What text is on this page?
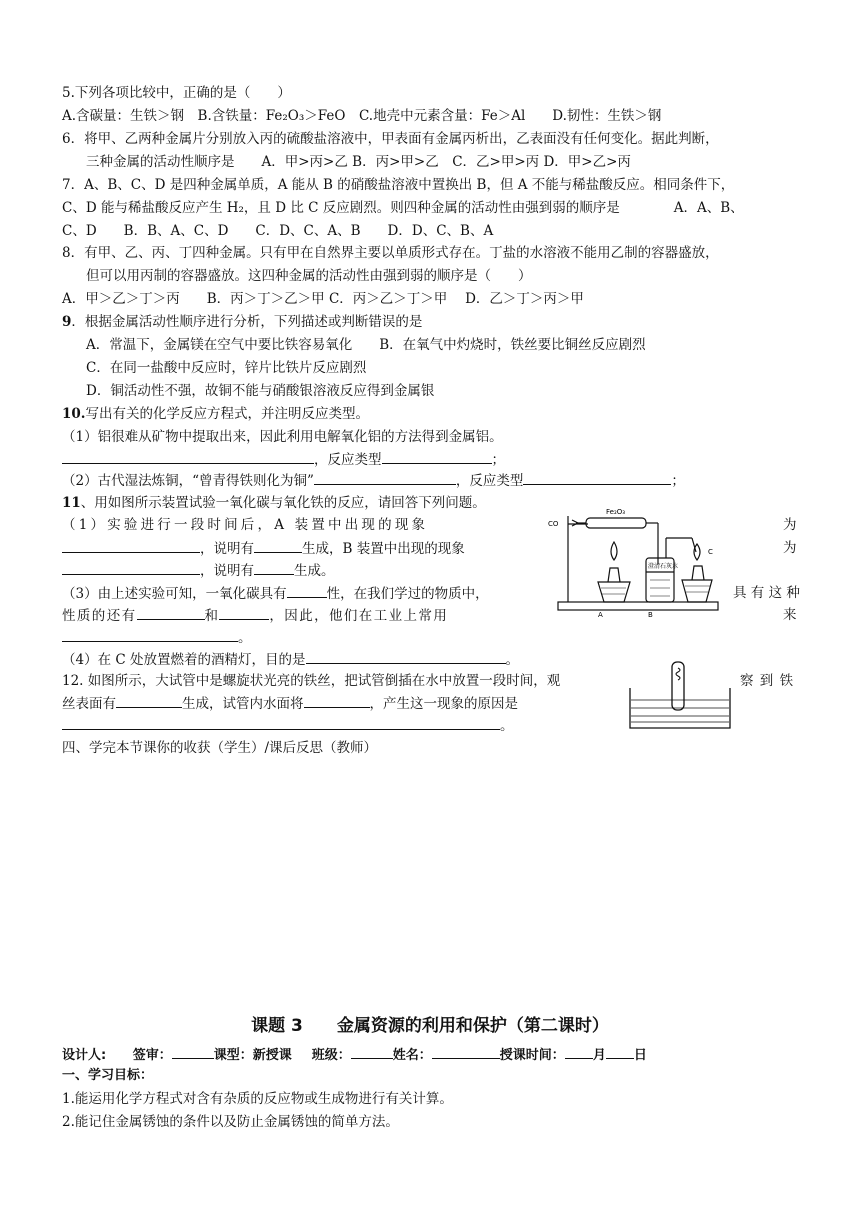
5.下列各项比较中，正确的是（　　）
A.含碳量：生铁＞钢　B.含铁量：Fe₂O₃＞FeO　C.地壳中元素含量：Fe＞Al　　D.韧性：生铁＞钢
6．将甲、乙两种金属片分别放入丙的硫酸盐溶液中，甲表面有金属丙析出，乙表面没有任何变化。据此判断，
三种金属的活动性顺序是　　A．甲>丙>乙 B．丙>甲>乙　C．乙>甲>丙 D．甲>乙>丙
7．A、B、C、D 是四种金属单质，A 能从 B 的硝酸盐溶液中置换出 B，但 A 不能与稀盐酸反应。相同条件下，
C、D 能与稀盐酸反应产生 H₂，且 D 比 C 反应剧烈。则四种金属的活动性由强到弱的顺序是　　　　A．A、B、
C、D　　B．B、A、C、D　　C．D、C、A、B　　D．D、C、B、A
8．有甲、乙、丙、丁四种金属。只有甲在自然界主要以单质形式存在。丁盐的水溶液不能用乙制的容器盛放，
但可以用丙制的容器盛放。这四种金属的活动性由强到弱的顺序是（　　）
A．甲＞乙＞丁＞丙　　B．丙＞丁＞乙＞甲 C．丙＞乙＞丁＞甲　 D．乙＞丁＞丙＞甲
9．根据金属活动性顺序进行分析，下列描述或判断错误的是
A．常温下，金属镁在空气中要比铁容易氧化　　B．在氧气中灼烧时，铁丝要比铜丝反应剧烈
C．在同一盐酸中反应时，锌片比铁片反应剧烈
D．铜活动性不强，故铜不能与硝酸银溶液反应得到金属银
10.写出有关的化学反应方程式，并注明反应类型。
（1）铝很难从矿物中提取出来，因此利用电解氧化铝的方法得到金属铝。
，反应类型	；
（2）古代湿法炼铜，“曾青得铁则化为铜”	，反应类型	；
11、用如图所示装置试验一氧化碳与氧化铁的反应，请回答下列问题。
（1）实验进行一段时间后，A 装置中出现的现象	为
，说明有	生成，B 装置中出现的现象	为
，说明有	生成。
（3）由上述实验可知，一氧化碳具有	性，在我们学过的物质中，	具 有 这 种
性质的还有	和	，因此，他们在工业上常用	来
。
（4）在 C 处放置燃着的酒精灯，目的是	。
CO
Fe₂O₃
澄清石灰水
A	B
C
12. 如图所示，大试管中是螺旋状光亮的铁丝，把试管倒插在水中放置一段时间，观	察 到 铁
丝表面有	生成，试管内水面将	，产生这一现象的原因是
。
四、学完本节课你的收获（学生）/课后反思（教师）
课题 3　　金属资源的利用和保护（第二课时）
设计人: 签审：	课型：新授课 班级：	姓名：	授课时间： 月 日
一、学习目标：
1.能运用化学方程式对含有杂质的反应物或生成物进行有关计算。
2.能记住金属锈蚀的条件以及防止金属锈蚀的简单方法。
